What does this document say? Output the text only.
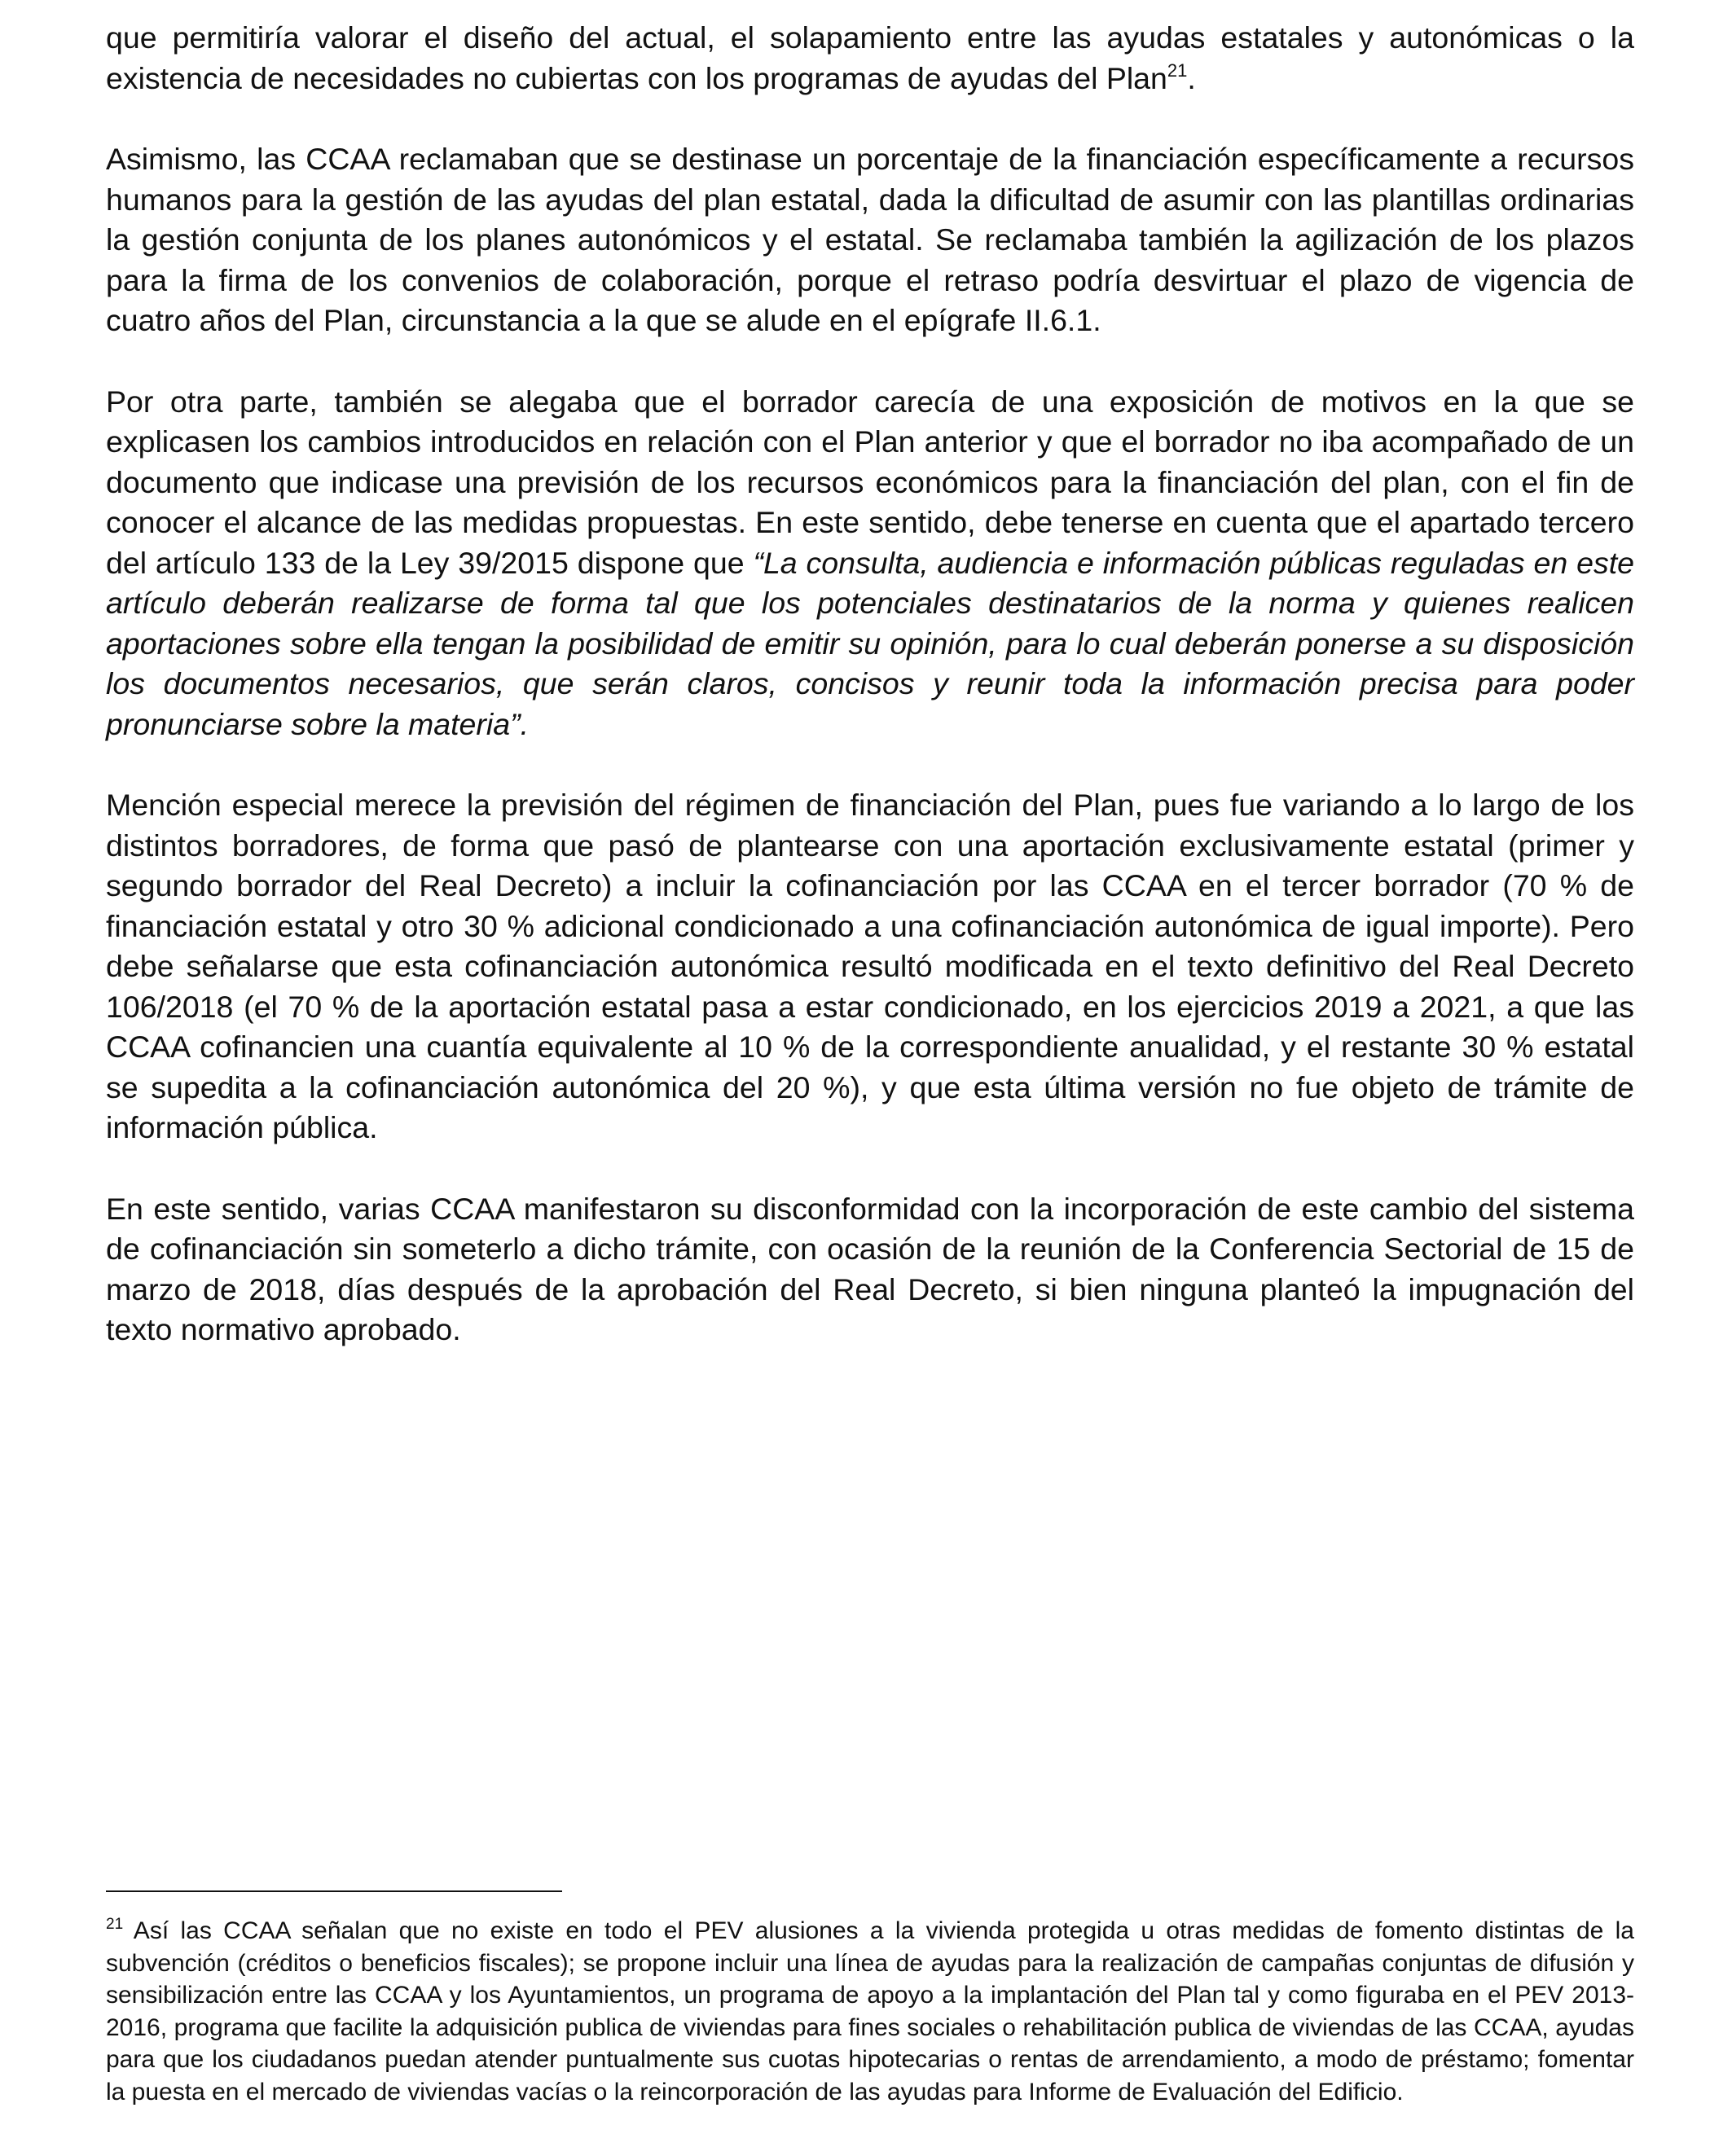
que permitiría valorar el diseño del actual, el solapamiento entre las ayudas estatales y autonómicas o la existencia de necesidades no cubiertas con los programas de ayudas del Plan$^{21}$.

Asimismo, las CCAA reclamaban que se destinase un porcentaje de la financiación específicamente a recursos humanos para la gestión de las ayudas del plan estatal, dada la dificultad de asumir con las plantillas ordinarias la gestión conjunta de los planes autonómicos y el estatal. Se reclamaba también la agilización de los plazos para la firma de los convenios de colaboración, porque el retraso podría desvirtuar el plazo de vigencia de cuatro años del Plan, circunstancia a la que se alude en el epígrafe II.6.1.

Por otra parte, también se alegaba que el borrador carecía de una exposición de motivos en la que se explicasen los cambios introducidos en relación con el Plan anterior y que el borrador no iba acompañado de un documento que indicase una previsión de los recursos económicos para la financiación del plan, con el fin de conocer el alcance de las medidas propuestas. En este sentido, debe tenerse en cuenta que el apartado tercero del artículo 133 de la Ley 39/2015 dispone que “La consulta, audiencia e información públicas reguladas en este artículo deberán realizarse de forma tal que los potenciales destinatarios de la norma y quienes realicen aportaciones sobre ella tengan la posibilidad de emitir su opinión, para lo cual deberán ponerse a su disposición los documentos necesarios, que serán claros, concisos y reunir toda la información precisa para poder pronunciarse sobre la materia”.

Mención especial merece la previsión del régimen de financiación del Plan, pues fue variando a lo largo de los distintos borradores, de forma que pasó de plantearse con una aportación exclusivamente estatal (primer y segundo borrador del Real Decreto) a incluir la cofinanciación por las CCAA en el tercer borrador (70 % de financiación estatal y otro 30 % adicional condicionado a una cofinanciación autonómica de igual importe). Pero debe señalarse que esta cofinanciación autonómica resultó modificada en el texto definitivo del Real Decreto 106/2018 (el 70 % de la aportación estatal pasa a estar condicionado, en los ejercicios 2019 a 2021, a que las CCAA cofinancien una cuantía equivalente al 10 % de la correspondiente anualidad, y el restante 30 % estatal se supedita a la cofinanciación autonómica del 20 %), y que esta última versión no fue objeto de trámite de información pública.

En este sentido, varias CCAA manifestaron su disconformidad con la incorporación de este cambio del sistema de cofinanciación sin someterlo a dicho trámite, con ocasión de la reunión de la Conferencia Sectorial de 15 de marzo de 2018, días después de la aprobación del Real Decreto, si bien ninguna planteó la impugnación del texto normativo aprobado.

$^{21}$ Así las CCAA señalan que no existe en todo el PEV alusiones a la vivienda protegida u otras medidas de fomento distintas de la subvención (créditos o beneficios fiscales); se propone incluir una línea de ayudas para la realización de campañas conjuntas de difusión y sensibilización entre las CCAA y los Ayuntamientos, un programa de apoyo a la implantación del Plan tal y como figuraba en el PEV 2013-2016, programa que facilite la adquisición publica de viviendas para fines sociales o rehabilitación publica de viviendas de las CCAA, ayudas para que los ciudadanos puedan atender puntualmente sus cuotas hipotecarias o rentas de arrendamiento, a modo de préstamo; fomentar la puesta en el mercado de viviendas vacías o la reincorporación de las ayudas para Informe de Evaluación del Edificio.
